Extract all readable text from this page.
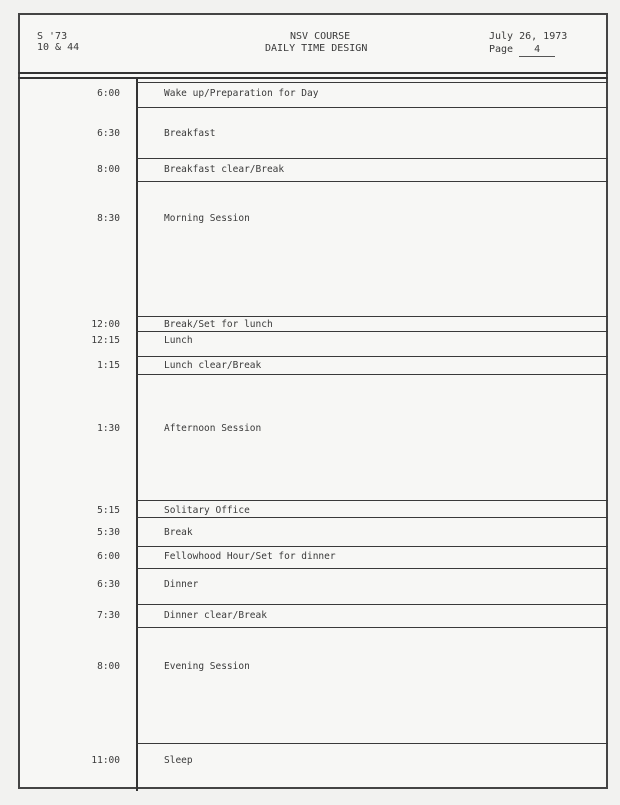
S '73
10 & 44
NSV COURSE
DAILY TIME DESIGN
July 26, 1973
Page 4
6:00	Wake up/Preparation for Day
6:30	Breakfast
8:00	Breakfast clear/Break
8:30	Morning Session
12:00	Break/Set for lunch
12:15	Lunch
1:15	Lunch clear/Break
1:30	Afternoon Session
5:15	Solitary Office
5:30	Break
6:00	Fellowhood Hour/Set for dinner
6:30	Dinner
7:30	Dinner clear/Break
8:00	Evening Session
11:00	Sleep
